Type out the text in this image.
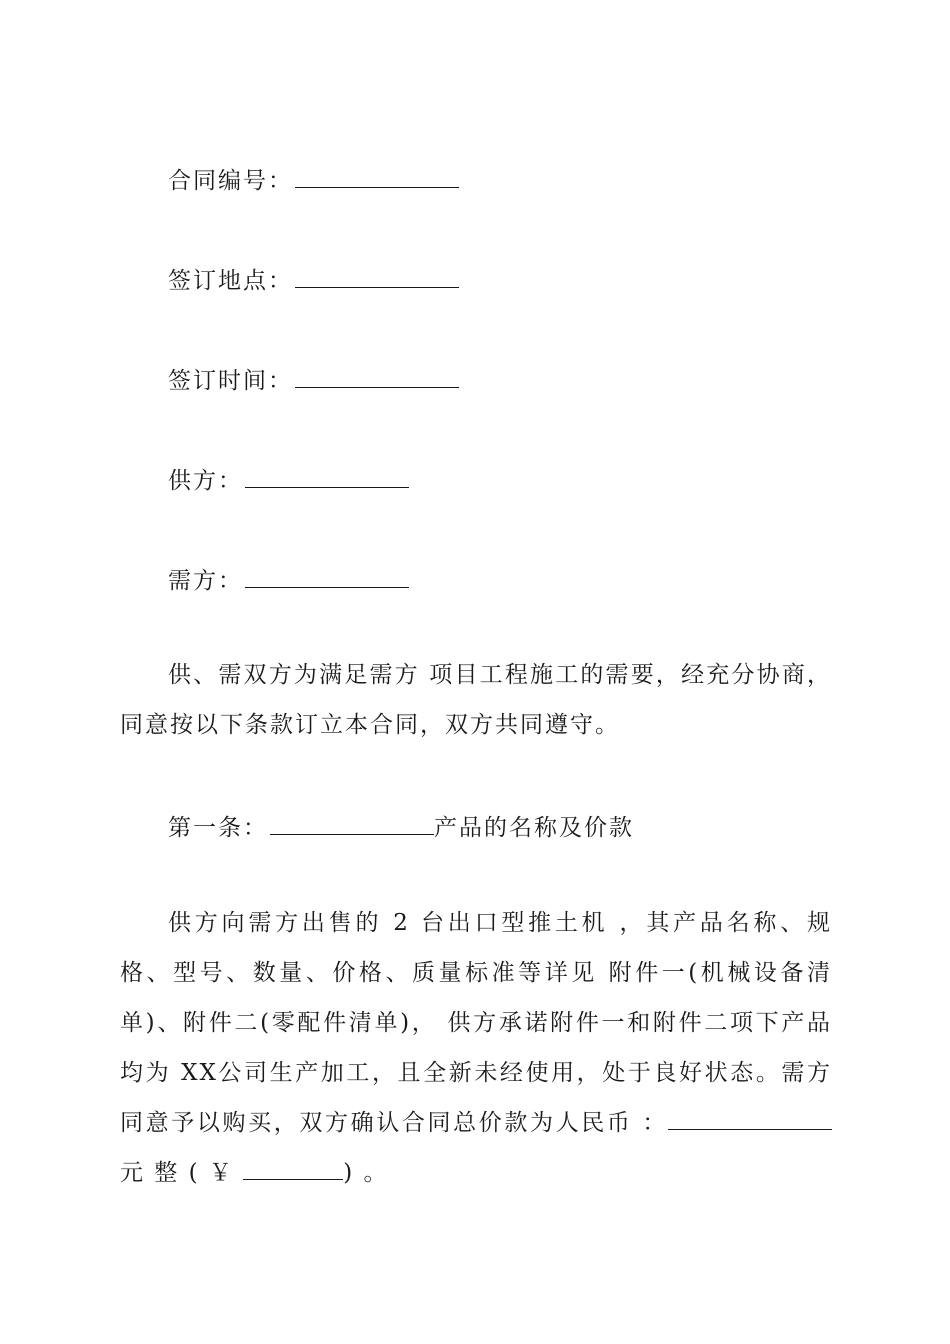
合同编号：
签订地点：
签订时间：
供方：
需方：

供、需双方为满足需方 项目工程施工的需要，经充分协商，同意按以下条款订立本合同，双方共同遵守。

第一条：	产品的名称及价款

供方向需方出售的 2 台出口型推土机 ，其产品名称、规格、型号、数量、价格、质量标准等详见 附件一(机械设备清单)、附件二(零配件清单)， 供方承诺附件一和附件二项下产品均为 XX公司生产加工，且全新未经使用，处于良好状态。需方同意予以购买，双方确认合同总价款为人民币 ： 元 整 ( ￥	) 。
